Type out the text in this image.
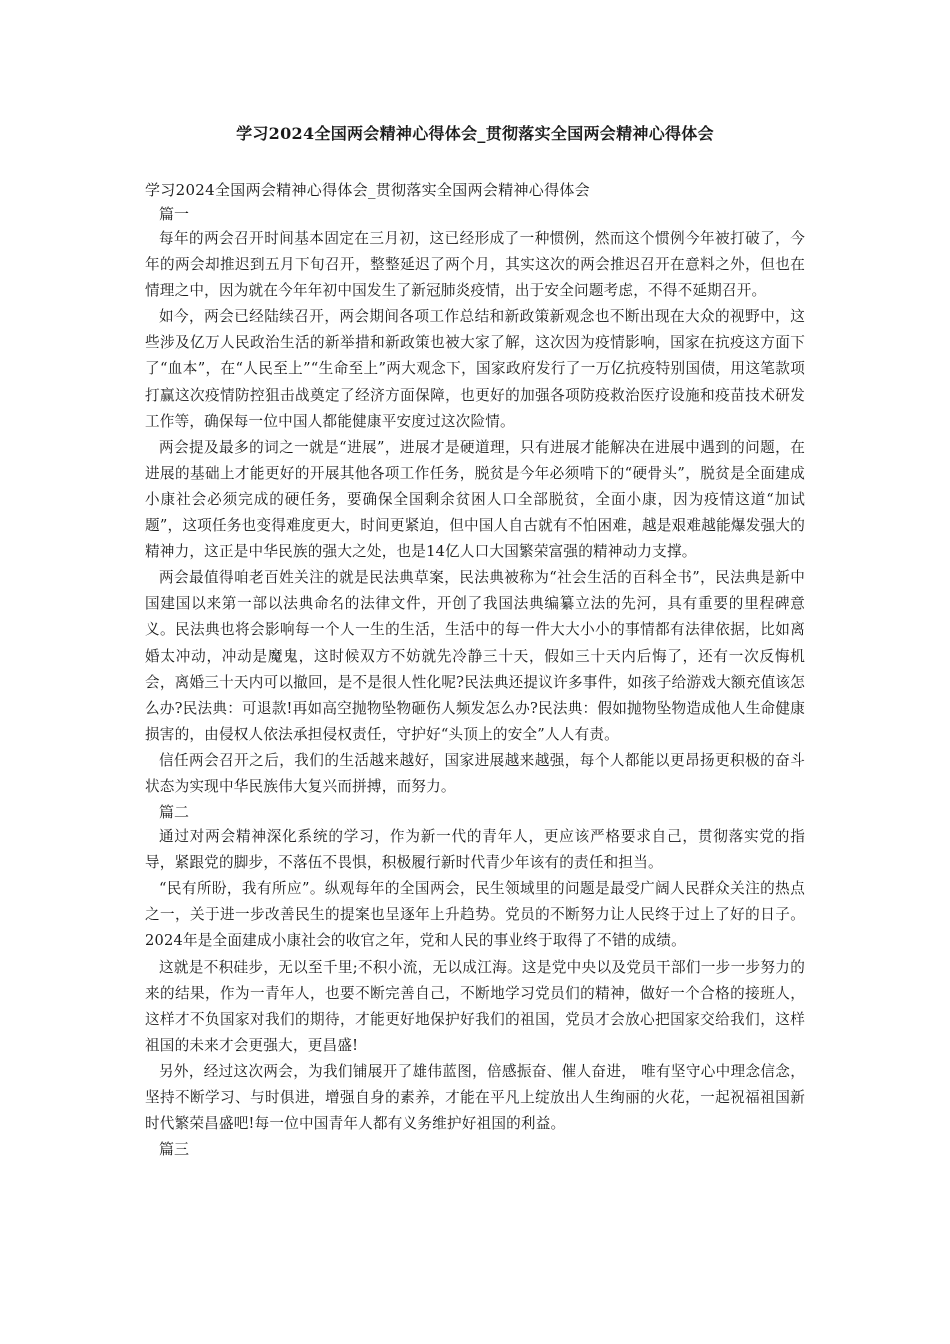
学习2024全国两会精神心得体会_贯彻落实全国两会精神心得体会

学习2024全国两会精神心得体会_贯彻落实全国两会精神心得体会

篇一

每年的两会召开时间基本固定在三月初，这已经形成了一种惯例，然而这个惯例今年被打破了，今年的两会却推迟到五月下旬召开，整整延迟了两个月，其实这次的两会推迟召开在意料之外，但也在情理之中，因为就在今年年初中国发生了新冠肺炎疫情，出于安全问题考虑，不得不延期召开。

如今，两会已经陆续召开，两会期间各项工作总结和新政策新观念也不断出现在大众的视野中，这些涉及亿万人民政治生活的新举措和新政策也被大家了解，这次因为疫情影响，国家在抗疫这方面下了“血本”，在“人民至上”“生命至上”两大观念下，国家政府发行了一万亿抗疫特别国债，用这笔款项打赢这次疫情防控狙击战奠定了经济方面保障，也更好的加强各项防疫救治医疗设施和疫苗技术研发工作等，确保每一位中国人都能健康平安度过这次险情。

两会提及最多的词之一就是“进展”，进展才是硬道理，只有进展才能解决在进展中遇到的问题，在进展的基础上才能更好的开展其他各项工作任务，脱贫是今年必须啃下的“硬骨头”，脱贫是全面建成小康社会必须完成的硬任务，要确保全国剩余贫困人口全部脱贫，全面小康，因为疫情这道“加试题”，这项任务也变得难度更大，时间更紧迫，但中国人自古就有不怕困难，越是艰难越能爆发强大的精神力，这正是中华民族的强大之处，也是14亿人口大国繁荣富强的精神动力支撑。

两会最值得咱老百姓关注的就是民法典草案，民法典被称为“社会生活的百科全书”，民法典是新中国建国以来第一部以法典命名的法律文件，开创了我国法典编纂立法的先河，具有重要的里程碑意义。民法典也将会影响每一个人一生的生活，生活中的每一件大大小小的事情都有法律依据，比如离婚太冲动，冲动是魔鬼，这时候双方不妨就先冷静三十天，假如三十天内后悔了，还有一次反悔机会，离婚三十天内可以撤回，是不是很人性化呢?民法典还提议许多事件，如孩子给游戏大额充值该怎么办?民法典：可退款!再如高空抛物坠物砸伤人频发怎么办?民法典：假如抛物坠物造成他人生命健康损害的，由侵权人依法承担侵权责任，守护好“头顶上的安全”人人有责。

信任两会召开之后，我们的生活越来越好，国家进展越来越强，每个人都能以更昂扬更积极的奋斗状态为实现中华民族伟大复兴而拼搏，而努力。

篇二

通过对两会精神深化系统的学习，作为新一代的青年人，更应该严格要求自己，贯彻落实党的指导，紧跟党的脚步，不落伍不畏惧，积极履行新时代青少年该有的责任和担当。

“民有所盼，我有所应”。纵观每年的全国两会，民生领域里的问题是最受广阔人民群众关注的热点之一，关于进一步改善民生的提案也呈逐年上升趋势。党员的不断努力让人民终于过上了好的日子。2024年是全面建成小康社会的收官之年，党和人民的事业终于取得了不错的成绩。

这就是不积硅步，无以至千里;不积小流，无以成江海。这是党中央以及党员干部们一步一步努力的来的结果，作为一青年人，也要不断完善自己，不断地学习党员们的精神，做好一个合格的接班人，这样才不负国家对我们的期待，才能更好地保护好我们的祖国，党员才会放心把国家交给我们，这样祖国的未来才会更强大，更昌盛!

另外，经过这次两会，为我们铺展开了雄伟蓝图，倍感振奋、催人奋进， 唯有坚守心中理念信念，坚持不断学习、与时俱进，增强自身的素养，才能在平凡上绽放出人生绚丽的火花，一起祝福祖国新时代繁荣昌盛吧!每一位中国青年人都有义务维护好祖国的利益。

篇三
